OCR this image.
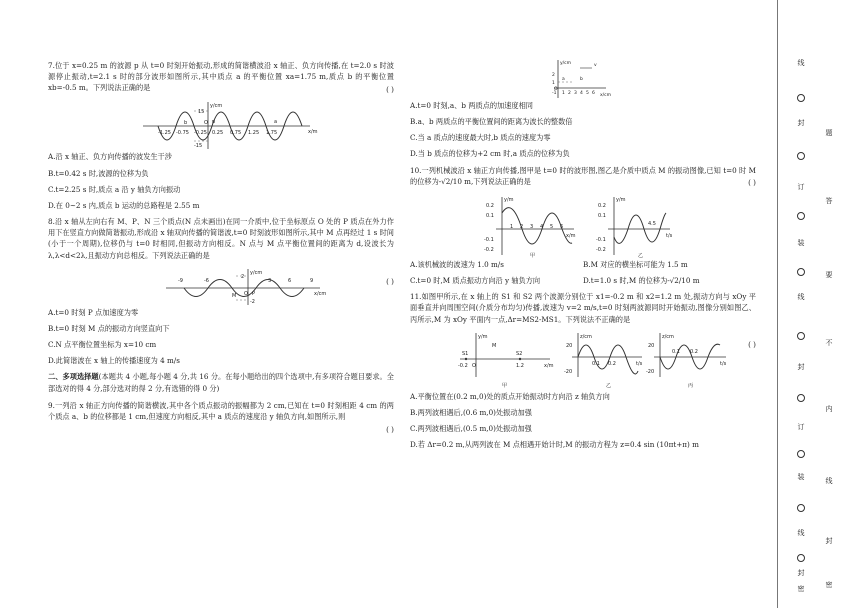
7.位于 x=0.25 m 的波源 p 从 t=0 时刻开始振动,形成的简谐横波沿 x 轴正、负方向传播,在 t=2.0 s 时波源停止振动,t=2.1 s 时的部分波形如图所示,其中质点 a 的平衡位置 xa=1.75 m,质点 b 的平衡位置 xb=-0.5 m。下列说法正确的是	( )
y/cm
x/m
15
-15
-1.25 -0.75 -0.25 0.25 0.75 1.25 1.75
b	O p	a
A.沿 x 轴正、负方向传播的波发生干涉
B.t=0.42 s 时,波源的位移为负
C.t=2.25 s 时,质点 a 沿 y 轴负方向振动
D.在 0~2 s 内,质点 b 运动的总路程是 2.55 m

8.沿 x 轴从左向右有 M、P、N 三个质点(N 点未画出)在同一介质中,位于坐标原点 O 处的 P 质点在外力作用下在竖直方向做简谐振动,形成沿 x 轴双向传播的简谐波,t=0 时刻波形如图所示,其中 M 点再经过 1 s 时间(小于一个周期),位移仍与 t=0 时相同,但振动方向相反。N 点与 M 点平衡位置间的距离为 d,设波长为 λ,λ<d<2λ,且振动方向总相反。下列说法正确的是

( )
y/cm
x/cm
2
-2
-9	-6	3	6	9
O
M	P
A.t=0 时刻 P 点加速度为零
B.t=0 时刻 M 点的振动方向竖直向下
C.N 点平衡位置坐标为 x=10 cm
D.此简谐波在 x 轴上的传播速度为 4 m/s

二、多项选择题(本题共 4 小题,每小题 4 分,共 16 分。在每小题给出的四个选项中,有多项符合题目要求。全部选对的得 4 分,部分选对的得 2 分,有选错的得 0 分)

9.一列沿 x 轴正方向传播的简谐横波,其中各个质点振动的振幅都为 2 cm,已知在 t=0 时刻相距 4 cm 的两个质点 a、b 的位移都是 1 cm,但速度方向相反,其中 a 质点的速度沿 y 轴负方向,如图所示,则

( )
y/cm
x/cm
2
1
-1 1 2 3 4 5 6
a	b
v
O
A.t=0 时刻,a、b 两质点的加速度相同
B.a、b 两质点的平衡位置间的距离为波长的整数倍
C.当 a 质点的速度最大时,b 质点的速度为零
D.当 b 质点的位移为+2 cm 时,a 质点的位移为负

10.一列机械波沿 x 轴正方向传播,图甲是 t=0 时的波形图,图乙是介质中质点 M 的振动图像,已知 t=0 时 M 的位移为-√2/10 m,下列说法正确的是	( )
y/m
x/m
0.2
0.1
-0.1
-0.2
1 2 3 4 5 6
甲
y/m
t/s
0.2
0.1
-0.1
-0.2
4.5
乙
A.该机械波的波速为 1.0 m/s	B.M 对应的横坐标可能为 1.5 m
C.t=0 时,M 质点振动方向沿 y 轴负方向	D.t=1.0 s 时,M 的位移为-√2/10 m

11.如图甲所示,在 x 轴上的 S1 和 S2 两个波源分别位于 x1=-0.2 m 和 x2=1.2 m 处,振动方向与 xOy 平面垂直并向周围空间(介质分布均匀)传播,波速为 v=2 m/s,t=0 时刻两波源同时开始振动,图像分别如图乙、丙所示,M 为 xOy 平面内一点,Δr=MS2-MS1。下列说法不正确的是

( )
y/m
x/m
-0.2 O	1.2
S1	S2
M
甲
z/cm
t/s
20
-20
0.1 0.2
乙
z/cm
t/s
20
-20
0.1 0.2
丙
A.平衡位置在(0.2 m,0)处的质点开始振动时方向沿 z 轴负方向
B.两列波相遇后,(0.6 m,0)处振动加强
C.两列波相遇后,(0.5 m,0)处振动加强
D.若 Δr=0.2 m,从两列波在 M 点相遇开始计时,M 的振动方程为 z=0.4 sin (10πt+π) m
线
封
订
装
线
封
订
装
线
封
密
题
答
要
不
内
线
封
密
